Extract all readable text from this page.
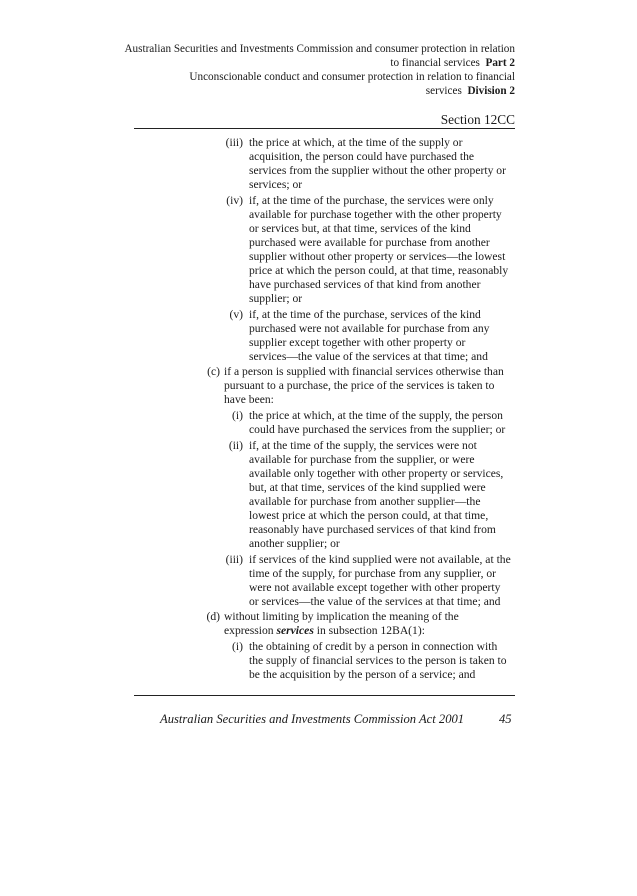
Australian Securities and Investments Commission and consumer protection in relation
to financial services Part 2
Unconscionable conduct and consumer protection in relation to financial
services Division 2
Section 12CC
(iii) the price at which, at the time of the supply or
acquisition, the person could have purchased the
services from the supplier without the other property or
services; or
(iv) if, at the time of the purchase, the services were only
available for purchase together with the other property
or services but, at that time, services of the kind
purchased were available for purchase from another
supplier without other property or services—the lowest
price at which the person could, at that time, reasonably
have purchased services of that kind from another
supplier; or
(v) if, at the time of the purchase, services of the kind
purchased were not available for purchase from any
supplier except together with other property or
services—the value of the services at that time; and
(c) if a person is supplied with financial services otherwise than
pursuant to a purchase, the price of the services is taken to
have been:
(i) the price at which, at the time of the supply, the person
could have purchased the services from the supplier; or
(ii) if, at the time of the supply, the services were not
available for purchase from the supplier, or were
available only together with other property or services,
but, at that time, services of the kind supplied were
available for purchase from another supplier—the
lowest price at which the person could, at that time,
reasonably have purchased services of that kind from
another supplier; or
(iii) if services of the kind supplied were not available, at the
time of the supply, for purchase from any supplier, or
were not available except together with other property
or services—the value of the services at that time; and
(d) without limiting by implication the meaning of the
expression services in subsection 12BA(1):
(i) the obtaining of credit by a person in connection with
the supply of financial services to the person is taken to
be the acquisition by the person of a service; and
Australian Securities and Investments Commission Act 2001	45
